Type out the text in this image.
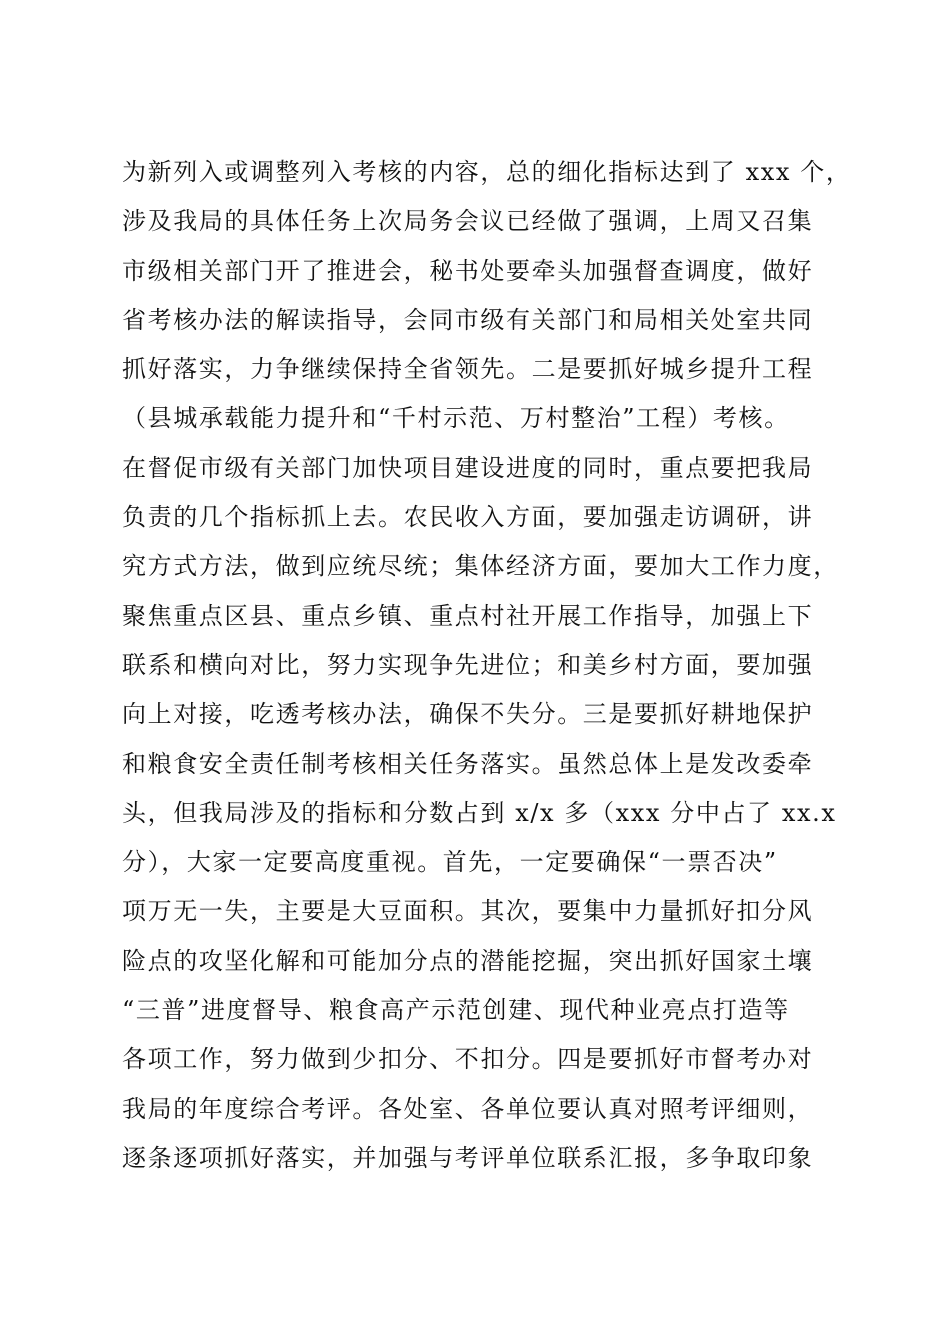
为新列入或调整列入考核的内容，总的细化指标达到了 xxx 个，
涉及我局的具体任务上次局务会议已经做了强调，上周又召集
市级相关部门开了推进会，秘书处要牵头加强督查调度，做好
省考核办法的解读指导，会同市级有关部门和局相关处室共同
抓好落实，力争继续保持全省领先。二是要抓好城乡提升工程
（县城承载能力提升和“千村示范、万村整治”工程）考核。
在督促市级有关部门加快项目建设进度的同时，重点要把我局
负责的几个指标抓上去。农民收入方面，要加强走访调研，讲
究方式方法，做到应统尽统；集体经济方面，要加大工作力度，
聚焦重点区县、重点乡镇、重点村社开展工作指导，加强上下
联系和横向对比，努力实现争先进位；和美乡村方面，要加强
向上对接，吃透考核办法，确保不失分。三是要抓好耕地保护
和粮食安全责任制考核相关任务落实。虽然总体上是发改委牵
头，但我局涉及的指标和分数占到 x/x 多（xxx 分中占了 xx.x
分），大家一定要高度重视。首先，一定要确保“一票否决”
项万无一失，主要是大豆面积。其次，要集中力量抓好扣分风
险点的攻坚化解和可能加分点的潜能挖掘，突出抓好国家土壤
“三普”进度督导、粮食高产示范创建、现代种业亮点打造等
各项工作，努力做到少扣分、不扣分。四是要抓好市督考办对
我局的年度综合考评。各处室、各单位要认真对照考评细则，
逐条逐项抓好落实，并加强与考评单位联系汇报，多争取印象
